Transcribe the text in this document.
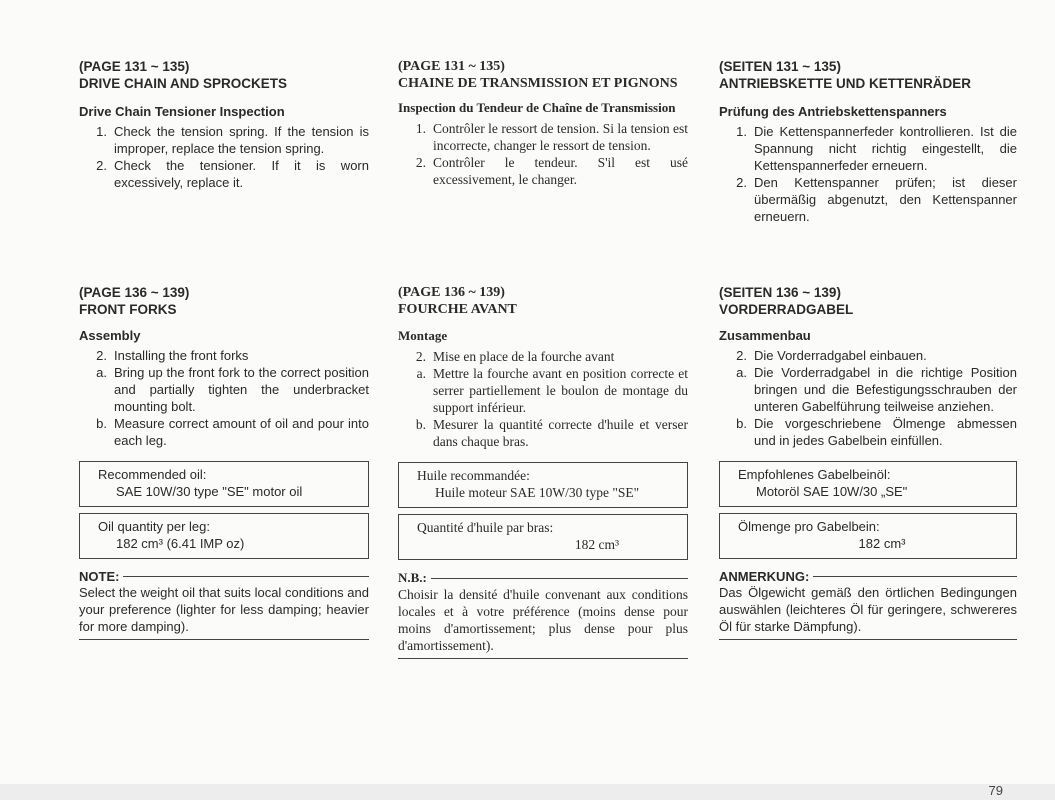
(PAGE 131 ~ 135)

DRIVE CHAIN AND SPROCKETS

Drive Chain Tensioner Inspection
1. Check the tension spring. If the tension is improper, replace the tension spring.
2. Check the tensioner. If it is worn excessively, replace it.

(PAGE 136 ~ 139)

FRONT FORKS

Assembly
2. Installing the front forks
a. Bring up the front fork to the correct position and partially tighten the underbracket mounting bolt.
b. Measure correct amount of oil and pour into each leg.
Recommended oil:
SAE 10W/30 type "SE" motor oil
Oil quantity per leg:
182 cm³ (6.41 IMP oz)
NOTE:
Select the weight oil that suits local conditions and your preference (lighter for less damping; heavier for more damping).

(PAGE 131 ~ 135)

CHAINE DE TRANSMISSION ET PIGNONS

Inspection du Tendeur de Chaîne de Transmission
1. Contrôler le ressort de tension. Si la tension est incorrecte, changer le ressort de tension.
2. Contrôler le tendeur. S'il est usé excessivement, le changer.

(PAGE 136 ~ 139)

FOURCHE AVANT

Montage
2. Mise en place de la fourche avant
a. Mettre la fourche avant en position correcte et serrer partiellement le boulon de montage du support inférieur.
b. Mesurer la quantité correcte d'huile et verser dans chaque bras.
Huile recommandée:
Huile moteur SAE 10W/30 type "SE"
Quantité d'huile par bras:
182 cm³
N.B.:
Choisir la densité d'huile convenant aux conditions locales et à votre préférence (moins dense pour moins d'amortissement; plus dense pour plus d'amortissement).

(SEITEN 131 ~ 135)

ANTRIEBSKETTE UND KETTENRÄDER

Prüfung des Antriebskettenspanners
1. Die Kettenspannerfeder kontrollieren. Ist die Spannung nicht richtig eingestellt, die Kettenspannerfeder erneuern.
2. Den Kettenspanner prüfen; ist dieser übermäßig abgenutzt, den Kettenspanner erneuern.

(SEITEN 136 ~ 139)

VORDERRADGABEL

Zusammenbau
2. Die Vorderradgabel einbauen.
a. Die Vorderradgabel in die richtige Position bringen und die Befestigungsschrauben der unteren Gabelführung teilweise anziehen.
b. Die vorgeschriebene Ölmenge abmessen und in jedes Gabelbein einfüllen.
Empfohlenes Gabelbeinöl:
Motoröl SAE 10W/30 „SE"
Ölmenge pro Gabelbein:
182 cm³
ANMERKUNG:
Das Ölgewicht gemäß den örtlichen Bedingungen auswählen (leichteres Öl für geringere, schwereres Öl für starke Dämpfung).
79
